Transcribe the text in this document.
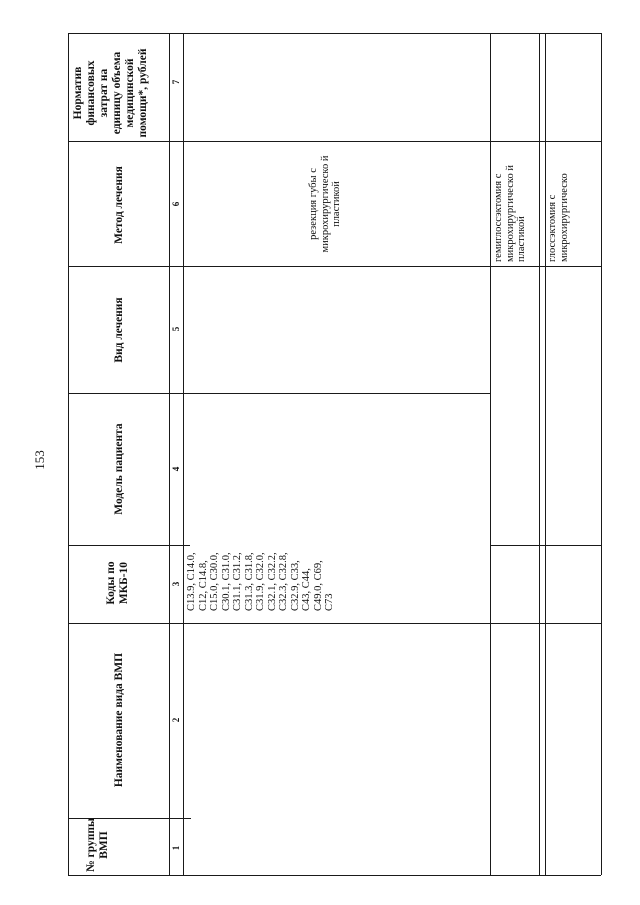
153
№ группы ВМП
Наименование вида ВМП
Коды по МКБ-10
Модель пациента
Вид лечения
Метод лечения
Норматив финансовых затрат на единицу объема медицинской помощи*, рублей
1
2
3
4
5
6
7
C13.9, C14.0, C12, C14.8, C15.0, C30.0, C30.1, C31.0, C31.1, C31.2, C31.3, C31.8, C31.9, C32.0, C32.1, C32.2, C32.3, C32.8, C32.9, C33, C43, C44, C49.0, C69, C73
резекция губы с микрохирургическо й пластикой	гемиглоссэктомия с микрохирургическо й пластикой глоссэктомия с микрохирургическо
